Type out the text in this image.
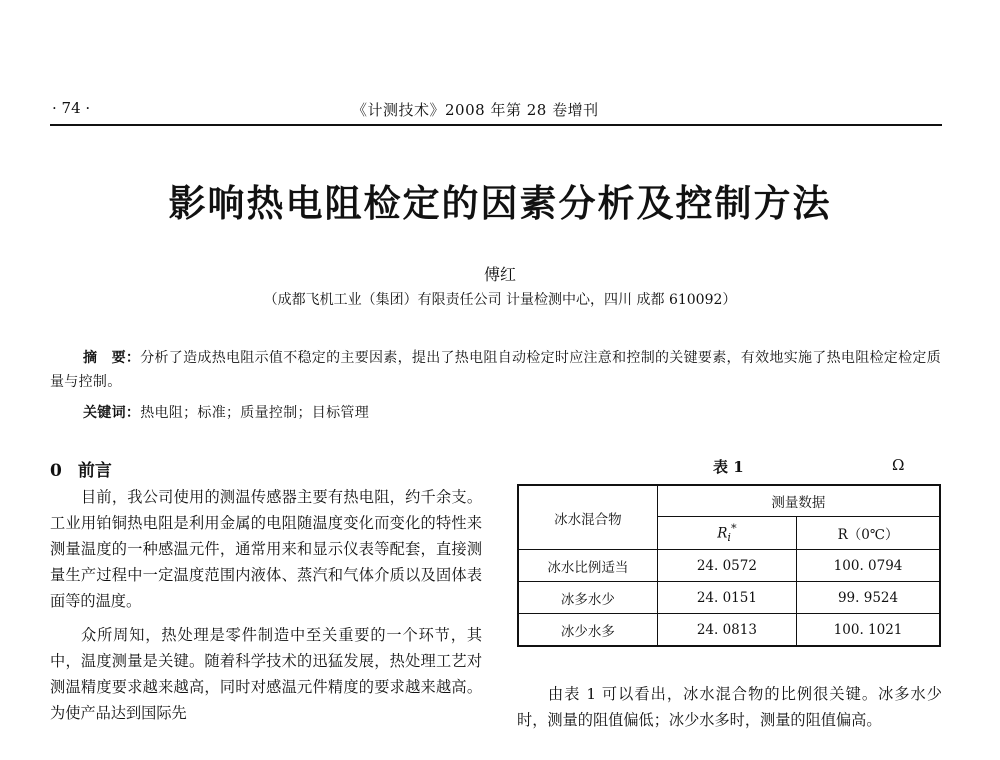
· 74 ·	《计测技术》2008 年第 28 卷增刊
影响热电阻检定的因素分析及控制方法
傅红
（成都飞机工业（集团）有限责任公司 计量检测中心，四川 成都 610092）
摘　要：分析了造成热电阻示值不稳定的主要因素，提出了热电阻自动检定时应注意和控制的关键要素，有效地实施了热电阻检定检定质量与控制。
关键词：热电阻；标准；质量控制；目标管理
0 前言

目前，我公司使用的测温传感器主要有热电阻，约千余支。工业用铂铜热电阻是利用金属的电阻随温度变化而变化的特性来测量温度的一种感温元件，通常用来和显示仪表等配套，直接测量生产过程中一定温度范围内液体、蒸汽和气体介质以及固体表面等的温度。

众所周知，热处理是零件制造中至关重要的一个环节，其中，温度测量是关键。随着科学技术的迅猛发展，热处理工艺对测温精度要求越来越高，同时对感温元件精度的要求越来越高。为使产品达到国际先

表 1	Ω
冰水混合物	测量数据	
	$R_i^*$	R（0℃）
冰水比例适当	24. 0572	100. 0794
冰多水少	24. 0151	99. 9524
冰少水多	24. 0813	100. 1021

由表 1 可以看出，冰水混合物的比例很关键。冰多水少时，测量的阻值偏低；冰少水多时，测量的阻值偏高。
